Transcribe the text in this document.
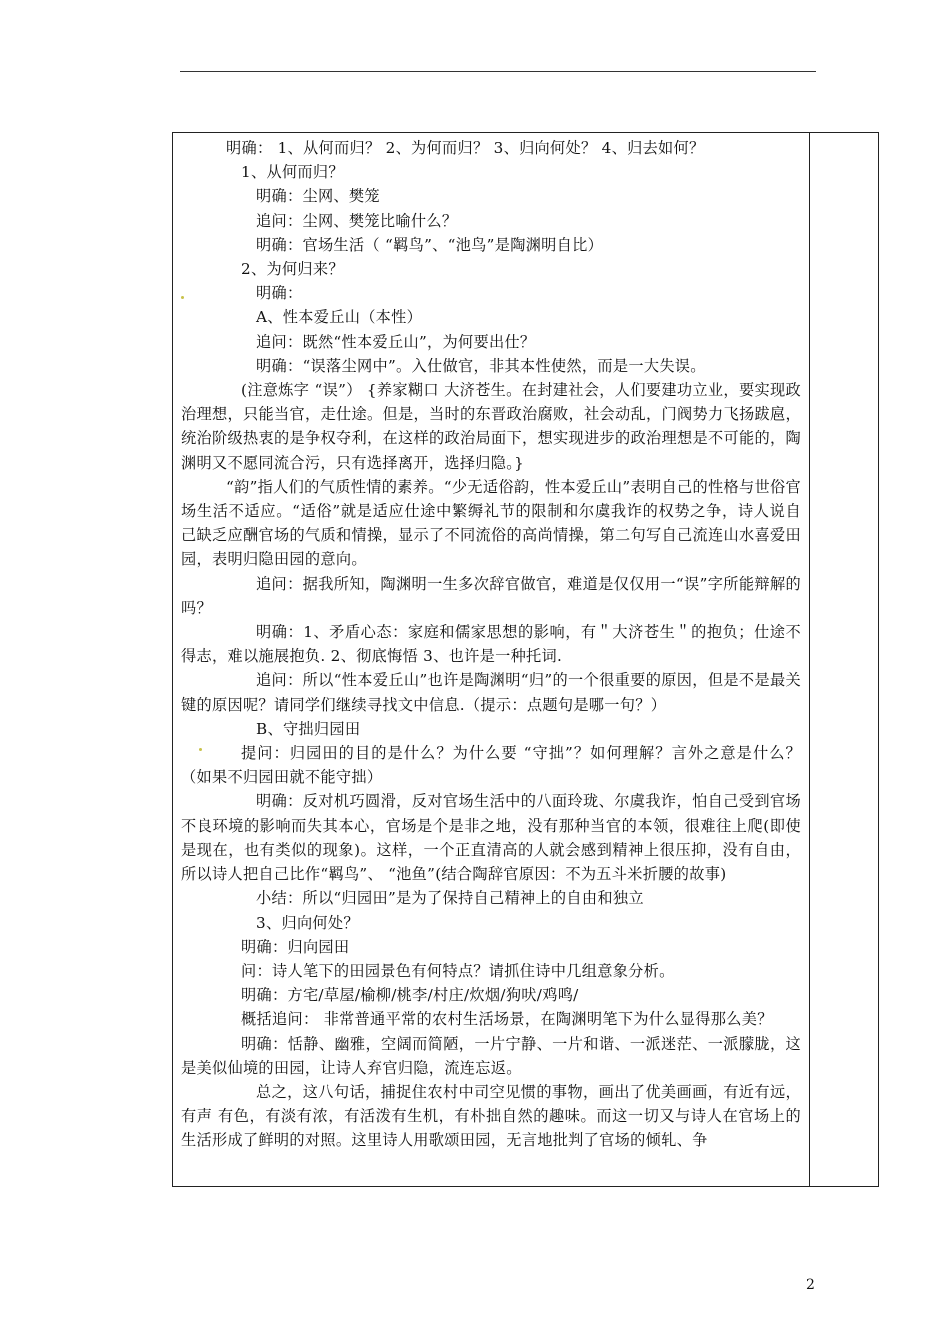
明确： 1、从何而归？ 2、为何而归？ 3、归向何处？ 4、归去如何？

1、从何而归？

明确：尘网、樊笼

追问：尘网、樊笼比喻什么？

明确：官场生活（ “羁鸟”、“池鸟”是陶渊明自比）

2、为何归来？

明确：

A、性本爱丘山（本性）

追问：既然“性本爱丘山”，为何要出仕？

明确：“误落尘网中”。入仕做官，非其本性使然，而是一大失误。

(注意炼字 “误”） {养家糊口 大济苍生。在封建社会，人们要建功立业，要实现政治理想，只能当官，走仕途。但是，当时的东晋政治腐败，社会动乱，门阀势力飞扬跋扈，统治阶级热衷的是争权夺利，在这样的政治局面下，想实现进步的政治理想是不可能的，陶渊明又不愿同流合污，只有选择离开，选择归隐。}

“韵”指人们的气质性情的素养。“少无适俗韵，性本爱丘山”表明自己的性格与世俗官场生活不适应。“适俗”就是适应仕途中繁缛礼节的限制和尔虞我诈的权势之争，诗人说自己缺乏应酬官场的气质和情操，显示了不同流俗的高尚情操，第二句写自己流连山水喜爱田园，表明归隐田园的意向。

追问：据我所知，陶渊明一生多次辞官做官，难道是仅仅用一“误”字所能辩解的吗？

明确：1、矛盾心态：家庭和儒家思想的影响，有＂大济苍生＂的抱负；仕途不得志，难以施展抱负. 2、彻底悔悟 3、也许是一种托词.

追问：所以“性本爱丘山”也许是陶渊明“归”的一个很重要的原因，但是不是最关键的原因呢？请同学们继续寻找文中信息.（提示：点题句是哪一句？）

B、守拙归园田

提问：归园田的目的是什么？为什么要 “守拙”？如何理解？言外之意是什么？（如果不归园田就不能守拙）

明确：反对机巧圆滑，反对官场生活中的八面玲珑、尔虞我诈，怕自己受到官场不良环境的影响而失其本心，官场是个是非之地，没有那种当官的本领，很难往上爬(即使是现在，也有类似的现象)。这样，一个正直清高的人就会感到精神上很压抑，没有自由，所以诗人把自己比作“羁鸟”、 “池鱼”(结合陶辞官原因：不为五斗米折腰的故事)

小结：所以“归园田”是为了保持自己精神上的自由和独立

3、归向何处？

明确：归向园田

问：诗人笔下的田园景色有何特点？请抓住诗中几组意象分析。

明确：方宅/草屋/榆柳/桃李/村庄/炊烟/狗吠/鸡鸣/

概括追问： 非常普通平常的农村生活场景，在陶渊明笔下为什么显得那么美？

明确：恬静、幽雅，空阔而简陋，一片宁静、一片和谐、一派迷茫、一派朦胧，这是美似仙境的田园，让诗人弃官归隐，流连忘返。

总之，这八句话，捕捉住农村中司空见惯的事物，画出了优美画画，有近有远，有声 有色，有淡有浓，有活泼有生机，有朴拙自然的趣味。而这一切又与诗人在官场上的生活形成了鲜明的对照。这里诗人用歌颂田园，无言地批判了官场的倾轧、争

2
